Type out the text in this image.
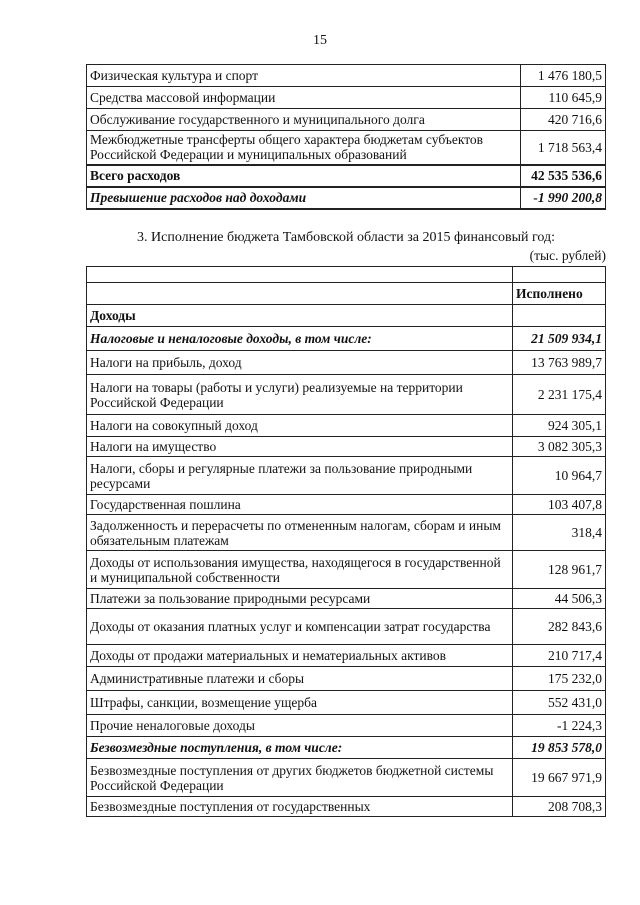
15
Физическая культура и спорт	1 476 180,5
Средства массовой информации	110 645,9
Обслуживание государственного и муниципального долга	420 716,6
Межбюджетные трансферты общего характера бюджетам субъектов Российской Федерации и муниципальных образований	1 718 563,4
Всего расходов	42 535 536,6
Превышение расходов над доходами	-1 990 200,8
3. Исполнение бюджета Тамбовской области за 2015 финансовый год:
(тыс. рублей)

	Исполнено
Доходы	
Налоговые и неналоговые доходы, в том числе:	21 509 934,1
Налоги на прибыль, доход	13 763 989,7
Налоги на товары (работы и услуги) реализуемые на территории Российской Федерации	2 231 175,4
Налоги на совокупный доход	924 305,1
Налоги на имущество	3 082 305,3
Налоги, сборы и регулярные платежи за пользование природными ресурсами	10 964,7
Государственная пошлина	103 407,8
Задолженность и перерасчеты по отмененным налогам, сборам и иным обязательным платежам	318,4
Доходы от использования имущества, находящегося в государственной и муниципальной собственности	128 961,7
Платежи за пользование природными ресурсами	44 506,3
Доходы от оказания платных услуг и компенсации затрат государства	282 843,6
Доходы от продажи материальных и нематериальных активов	210 717,4
Административные платежи и сборы	175 232,0
Штрафы, санкции, возмещение ущерба	552 431,0
Прочие неналоговые доходы	-1 224,3
Безвозмездные поступления, в том числе:	19 853 578,0
Безвозмездные поступления от других бюджетов бюджетной системы Российской Федерации	19 667 971,9
Безвозмездные поступления от государственных	208 708,3
